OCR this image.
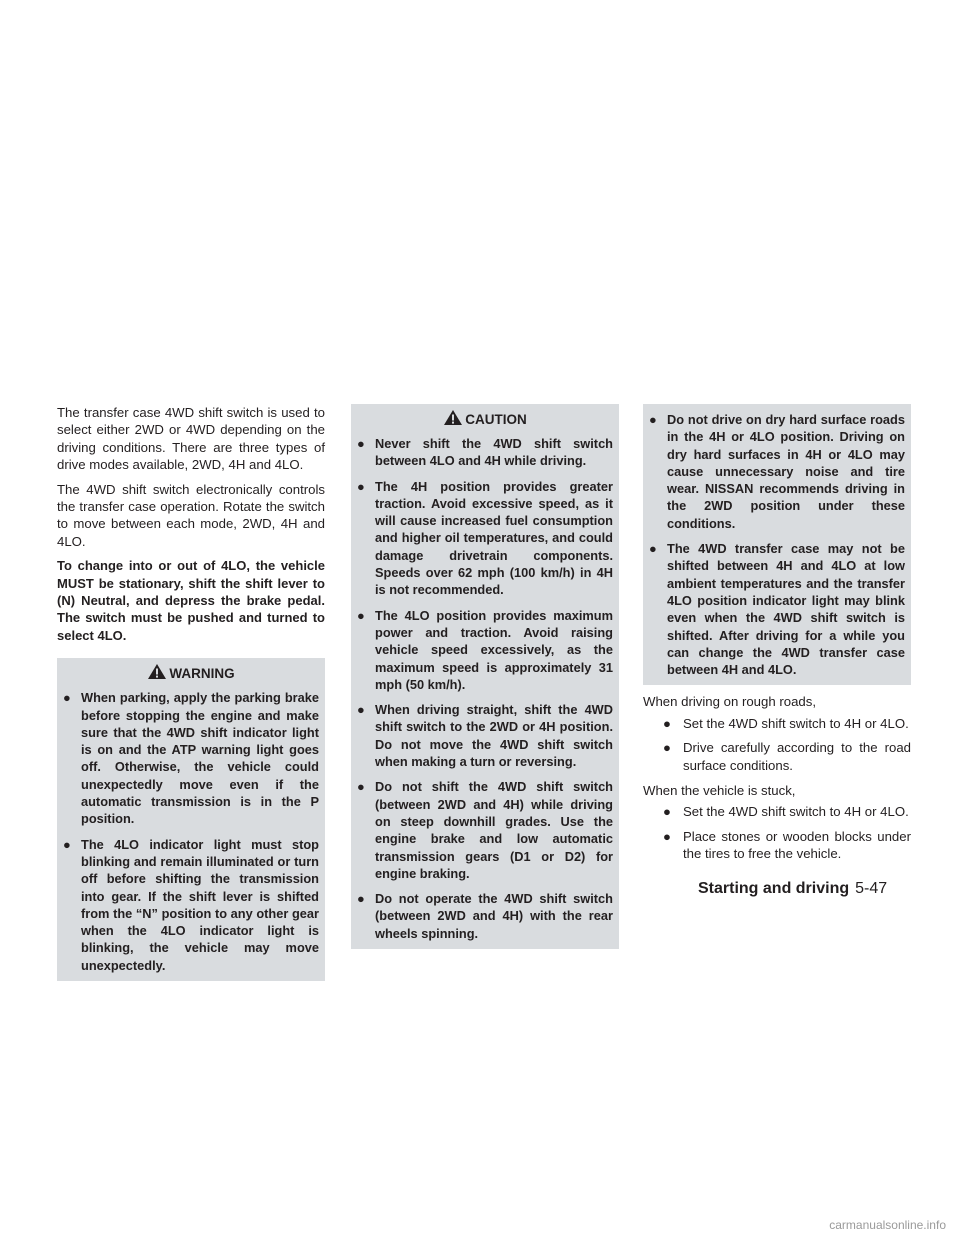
The transfer case 4WD shift switch is used to select either 2WD or 4WD depending on the driving conditions. There are three types of drive modes available, 2WD, 4H and 4LO.

The 4WD shift switch electronically controls the transfer case operation. Rotate the switch to move between each mode, 2WD, 4H and 4LO.

To change into or out of 4LO, the vehicle MUST be stationary, shift the shift lever to (N) Neutral, and depress the brake pedal. The switch must be pushed and turned to select 4LO.

WARNING
● When parking, apply the parking brake before stopping the engine and make sure that the 4WD shift indicator light is on and the ATP warning light goes off. Otherwise, the vehicle could unexpectedly move even if the automatic transmission is in the P position.
● The 4LO indicator light must stop blinking and remain illuminated or turn off before shifting the transmission into gear. If the shift lever is shifted from the “N” position to any other gear when the 4LO indicator light is blinking, the vehicle may move unexpectedly.
CAUTION
● Never shift the 4WD shift switch between 4LO and 4H while driving.
● The 4H position provides greater traction. Avoid excessive speed, as it will cause increased fuel consumption and higher oil temperatures, and could damage drivetrain components. Speeds over 62 mph (100 km/h) in 4H is not recommended.
● The 4LO position provides maximum power and traction. Avoid raising vehicle speed excessively, as the maximum speed is approximately 31 mph (50 km/h).
● When driving straight, shift the 4WD shift switch to the 2WD or 4H position. Do not move the 4WD shift switch when making a turn or reversing.
● Do not shift the 4WD shift switch (between 2WD and 4H) while driving on steep downhill grades. Use the engine brake and low automatic transmission gears (D1 or D2) for engine braking.
● Do not operate the 4WD shift switch (between 2WD and 4H) with the rear wheels spinning.
● Do not drive on dry hard surface roads in the 4H or 4LO position. Driving on dry hard surfaces in 4H or 4LO may cause unnecessary noise and tire wear. NISSAN recommends driving in the 2WD position under these conditions.
● The 4WD transfer case may not be shifted between 4H and 4LO at low ambient temperatures and the transfer 4LO position indicator light may blink even when the 4WD shift switch is shifted. After driving for a while you can change the 4WD transfer case between 4H and 4LO.

When driving on rough roads,

● Set the 4WD shift switch to 4H or 4LO.
● Drive carefully according to the road surface conditions.

When the vehicle is stuck,

● Set the 4WD shift switch to 4H or 4LO.
● Place stones or wooden blocks under the tires to free the vehicle.
Starting and driving 5-47
carmanualsonline.info
